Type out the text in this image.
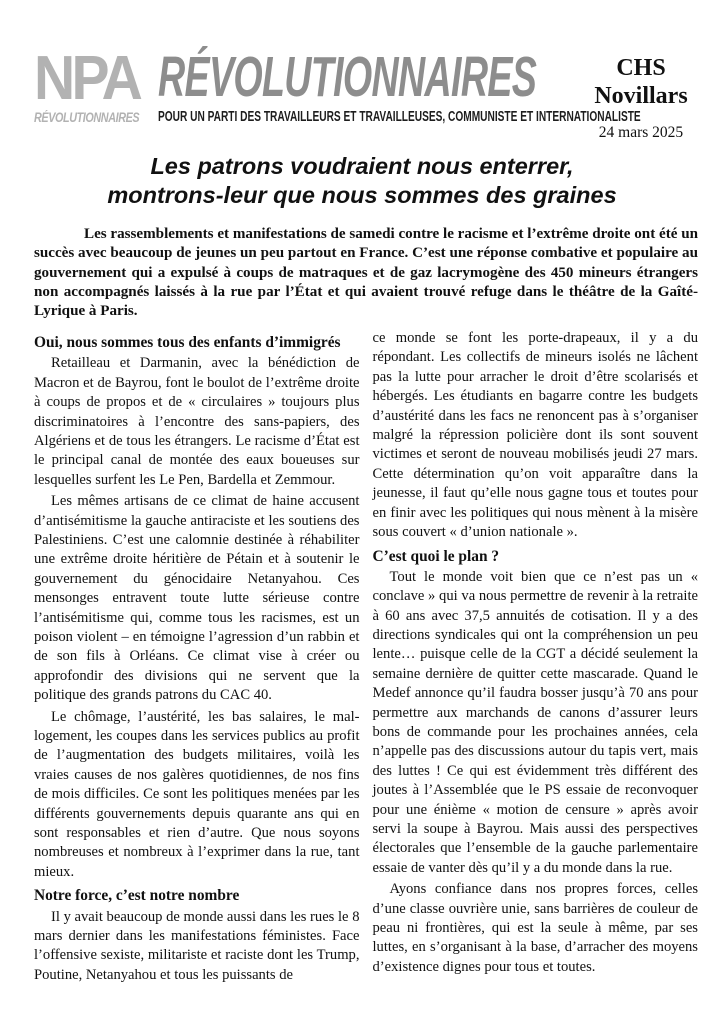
NPA
RÉVOLUTIONNAIRES
RÉVOLUTIONNAIRES
POUR UN PARTI DES TRAVAILLEURS ET TRAVAILLEUSES, COMMUNISTE ET INTERNATIONALISTE
CHS
Novillars
24 mars 2025
Les patrons voudraient nous enterrer,
montrons-leur que nous sommes des graines

Les rassemblements et manifestations de samedi contre le racisme et l’extrême droite ont été un succès avec beaucoup de jeunes un peu partout en France. C’est une réponse combative et populaire au gouvernement qui a expulsé à coups de matraques et de gaz lacrymogène des 450 mineurs étrangers non accompagnés laissés à la rue par l’État et qui avaient trouvé refuge dans le théâtre de la Gaîté-Lyrique à Paris.

Oui, nous sommes tous des enfants d’immigrés

Retailleau et Darmanin, avec la bénédiction de Macron et de Bayrou, font le boulot de l’extrême droite à coups de propos et de « circulaires » toujours plus discriminatoires à l’encontre des sans-papiers, des Algériens et de tous les étrangers. Le racisme d’État est le principal canal de montée des eaux boueuses sur lesquelles surfent les Le Pen, Bardella et Zemmour.

Les mêmes artisans de ce climat de haine accusent d’antisémitisme la gauche antiraciste et les soutiens des Palestiniens. C’est une calomnie destinée à réhabiliter une extrême droite héritière de Pétain et à soutenir le gouvernement du génocidaire Netanyahou. Ces mensonges entravent toute lutte sérieuse contre l’antisémitisme qui, comme tous les racismes, est un poison violent – en témoigne l’agression d’un rabbin et de son fils à Orléans. Ce climat vise à créer ou approfondir des divisions qui ne servent que la politique des grands patrons du CAC 40.

Le chômage, l’austérité, les bas salaires, le mal-logement, les coupes dans les services publics au profit de l’augmentation des budgets militaires, voilà les vraies causes de nos galères quotidiennes, de nos fins de mois difficiles. Ce sont les politiques menées par les différents gouvernements depuis quarante ans qui en sont responsables et rien d’autre. Que nous soyons nombreuses et nombreux à l’exprimer dans la rue, tant mieux.

Notre force, c’est notre nombre

Il y avait beaucoup de monde aussi dans les rues le 8 mars dernier dans les manifestations féministes. Face l’offensive sexiste, militariste et raciste dont les Trump, Poutine, Netanyahou et tous les puissants de

ce monde se font les porte-drapeaux, il y a du répondant. Les collectifs de mineurs isolés ne lâchent pas la lutte pour arracher le droit d’être scolarisés et hébergés. Les étudiants en bagarre contre les budgets d’austérité dans les facs ne renoncent pas à s’organiser malgré la répression policière dont ils sont souvent victimes et seront de nouveau mobilisés jeudi 27 mars. Cette détermination qu’on voit apparaître dans la jeunesse, il faut qu’elle nous gagne tous et toutes pour en finir avec les politiques qui nous mènent à la misère sous couvert « d’union nationale ».

C’est quoi le plan ?

Tout le monde voit bien que ce n’est pas un « conclave » qui va nous permettre de revenir à la retraite à 60 ans avec 37,5 annuités de cotisation. Il y a des directions syndicales qui ont la compréhension un peu lente… puisque celle de la CGT a décidé seulement la semaine dernière de quitter cette mascarade. Quand le Medef annonce qu’il faudra bosser jusqu’à 70 ans pour permettre aux marchands de canons d’assurer leurs bons de commande pour les prochaines années, cela n’appelle pas des discussions autour du tapis vert, mais des luttes ! Ce qui est évidemment très différent des joutes à l’Assemblée que le PS essaie de reconvoquer pour une énième « motion de censure » après avoir servi la soupe à Bayrou. Mais aussi des perspectives électorales que l’ensemble de la gauche parlementaire essaie de vanter dès qu’il y a du monde dans la rue.

Ayons confiance dans nos propres forces, celles d’une classe ouvrière unie, sans barrières de couleur de peau ni frontières, qui est la seule à même, par ses luttes, en s’organisant à la base, d’arracher des moyens d’existence dignes pour tous et toutes.
